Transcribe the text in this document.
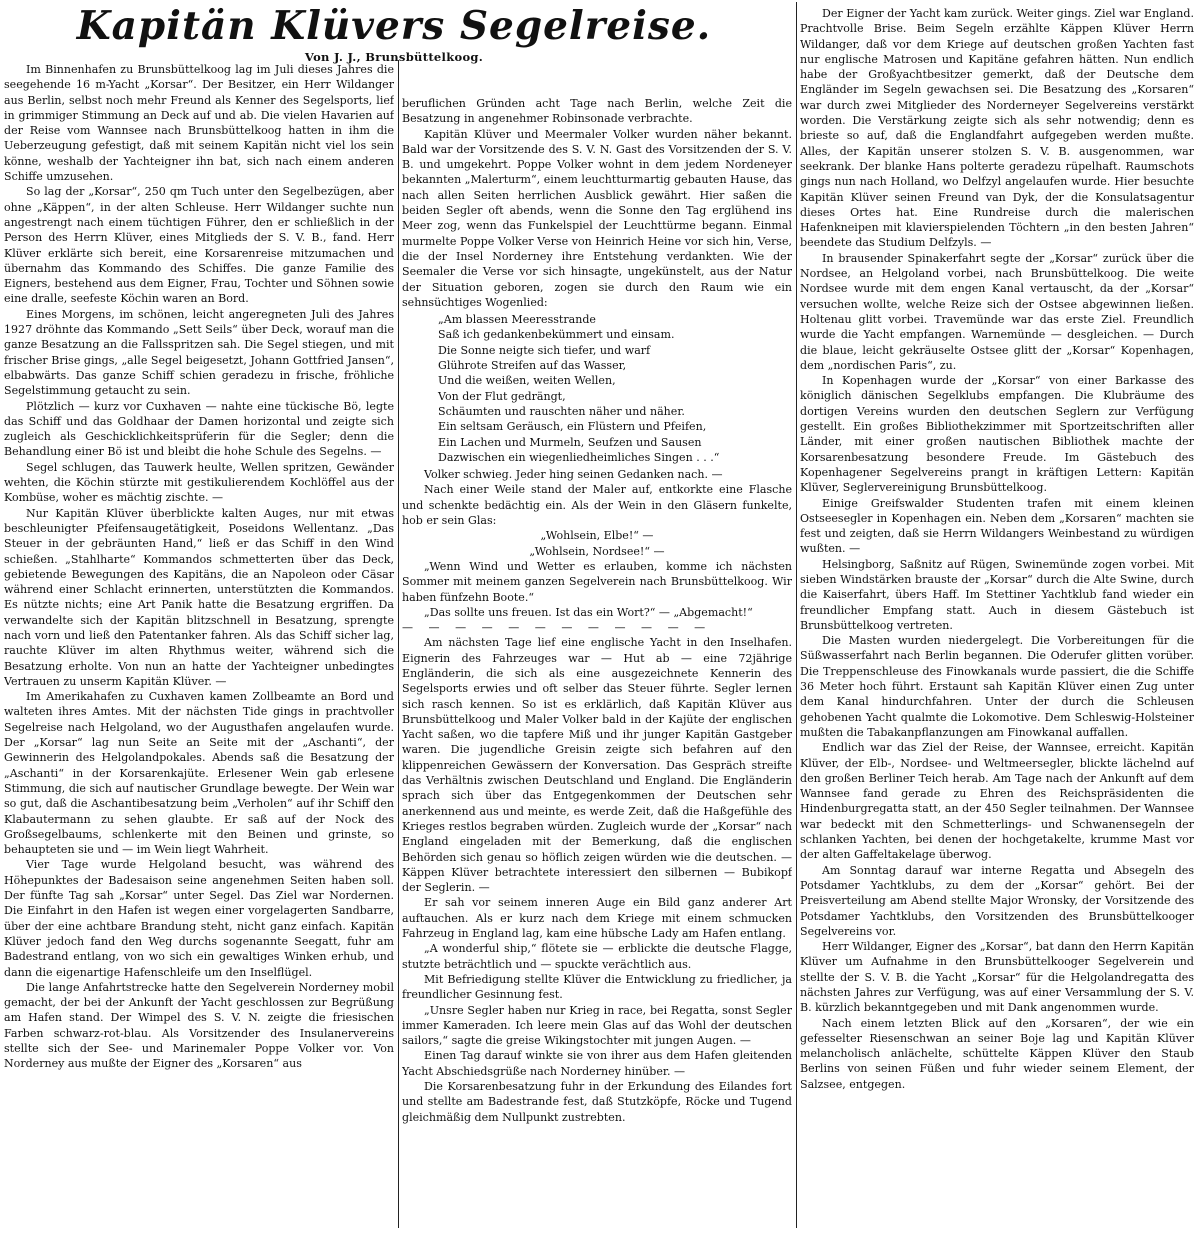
Kapitän Klüvers Segelreise.
Von J. J., Brunsbüttelkoog.

Im Binnenhafen zu Brunsbüttelkoog lag im Juli dieses Jahres die seegehende 16 m-Yacht „Korsar“. Der Besitzer, ein Herr Wildanger aus Berlin, selbst noch mehr Freund als Kenner des Segelsports, lief in grimmiger Stimmung an Deck auf und ab. Die vielen Havarien auf der Reise vom Wannsee nach Brunsbüttelkoog hatten in ihm die Ueberzeugung gefestigt, daß mit seinem Kapitän nicht viel los sein könne, weshalb der Yachteigner ihn bat, sich nach einem anderen Schiffe umzusehen.

So lag der „Korsar“, 250 qm Tuch unter den Segelbezügen, aber ohne „Käppen“, in der alten Schleuse. Herr Wildanger suchte nun angestrengt nach einem tüchtigen Führer, den er schließlich in der Person des Herrn Klüver, eines Mitglieds der S. V. B., fand. Herr Klüver erklärte sich bereit, eine Korsarenreise mitzumachen und übernahm das Kommando des Schiffes. Die ganze Familie des Eigners, bestehend aus dem Eigner, Frau, Tochter und Söhnen sowie eine dralle, seefeste Köchin waren an Bord.

Eines Morgens, im schönen, leicht angeregneten Juli des Jahres 1927 dröhnte das Kommando „Sett Seils“ über Deck, worauf man die ganze Besatzung an die Fallsspritzen sah. Die Segel stiegen, und mit frischer Brise gings, „alle Segel beigesetzt, Johann Gottfried Jansen“, elbabwärts. Das ganze Schiff schien geradezu in frische, fröhliche Segelstimmung getaucht zu sein.

Plötzlich — kurz vor Cuxhaven — nahte eine tückische Bö, legte das Schiff und das Goldhaar der Damen horizontal und zeigte sich zugleich als Geschicklichkeitsprüferin für die Segler; denn die Behandlung einer Bö ist und bleibt die hohe Schule des Segelns. —

Segel schlugen, das Tauwerk heulte, Wellen spritzen, Gewänder wehten, die Köchin stürzte mit gestikulierendem Kochlöffel aus der Kombüse, woher es mächtig zischte. —

Nur Kapitän Klüver überblickte kalten Auges, nur mit etwas beschleunigter Pfeifensaugetätigkeit, Poseidons Wellentanz. „Das Steuer in der gebräunten Hand,“ ließ er das Schiff in den Wind schießen. „Stahlharte“ Kommandos schmetterten über das Deck, gebietende Bewegungen des Kapitäns, die an Napoleon oder Cäsar während einer Schlacht erinnerten, unterstützten die Kommandos. Es nützte nichts; eine Art Panik hatte die Besatzung ergriffen. Da verwandelte sich der Kapitän blitzschnell in Besatzung, sprengte nach vorn und ließ den Patentanker fahren. Als das Schiff sicher lag, rauchte Klüver im alten Rhythmus weiter, während sich die Besatzung erholte. Von nun an hatte der Yachteigner unbedingtes Vertrauen zu unserm Kapitän Klüver. —

Im Amerikahafen zu Cuxhaven kamen Zollbeamte an Bord und walteten ihres Amtes. Mit der nächsten Tide gings in prachtvoller Segelreise nach Helgoland, wo der Augusthafen angelaufen wurde. Der „Korsar“ lag nun Seite an Seite mit der „Aschanti“, der Gewinnerin des Helgolandpokales. Abends saß die Besatzung der „Aschanti“ in der Korsarenkajüte. Erlesener Wein gab erlesene Stimmung, die sich auf nautischer Grundlage bewegte. Der Wein war so gut, daß die Aschantibesatzung beim „Verholen“ auf ihr Schiff den Klabautermann zu sehen glaubte. Er saß auf der Nock des Großsegelbaums, schlenkerte mit den Beinen und grinste, so behaupteten sie und — im Wein liegt Wahrheit.

Vier Tage wurde Helgoland besucht, was während des Höhepunktes der Badesaison seine angenehmen Seiten haben soll. Der fünfte Tag sah „Korsar“ unter Segel. Das Ziel war Nordernen. Die Einfahrt in den Hafen ist wegen einer vorgelagerten Sandbarre, über der eine achtbare Brandung steht, nicht ganz einfach. Kapitän Klüver jedoch fand den Weg durchs sogenannte Seegatt, fuhr am Badestrand entlang, von wo sich ein gewaltiges Winken erhub, und dann die eigenartige Hafenschleife um den Inselflügel.

Die lange Anfahrtstrecke hatte den Segelverein Norderney mobil gemacht, der bei der Ankunft der Yacht geschlossen zur Begrüßung am Hafen stand. Der Wimpel des S. V. N. zeigte die friesischen Farben schwarz-rot-blau. Als Vorsitzender des Insulanervereins stellte sich der See- und Marinemaler Poppe Volker vor. Von Norderney aus mußte der Eigner des „Korsaren“ aus

beruflichen Gründen acht Tage nach Berlin, welche Zeit die Besatzung in angenehmer Robinsonade verbrachte.

Kapitän Klüver und Meermaler Volker wurden näher bekannt. Bald war der Vorsitzende des S. V. N. Gast des Vorsitzenden der S. V. B. und umgekehrt. Poppe Volker wohnt in dem jedem Nordeneyer bekannten „Malerturm“, einem leuchtturmartig gebauten Hause, das nach allen Seiten herrlichen Ausblick gewährt. Hier saßen die beiden Segler oft abends, wenn die Sonne den Tag erglühend ins Meer zog, wenn das Funkelspiel der Leuchttürme begann. Einmal murmelte Poppe Volker Verse von Heinrich Heine vor sich hin, Verse, die der Insel Norderney ihre Entstehung verdankten. Wie der Seemaler die Verse vor sich hinsagte, ungekünstelt, aus der Natur der Situation geboren, zogen sie durch den Raum wie ein sehnsüchtiges Wogenlied:

„Am blassen Meeresstrande
Saß ich gedankenbekümmert und einsam.
Die Sonne neigte sich tiefer, und warf
Glührote Streifen auf das Wasser,
Und die weißen, weiten Wellen,
Von der Flut gedrängt,
Schäumten und rauschten näher und näher.
Ein seltsam Geräusch, ein Flüstern und Pfeifen,
Ein Lachen und Murmeln, Seufzen und Sausen
Dazwischen ein wiegenliedheimliches Singen . . .“

Volker schwieg. Jeder hing seinen Gedanken nach. —

Nach einer Weile stand der Maler auf, entkorkte eine Flasche und schenkte bedächtig ein. Als der Wein in den Gläsern funkelte, hob er sein Glas:

„Wohlsein, Elbe!“ —

„Wohlsein, Nordsee!“ —

„Wenn Wind und Wetter es erlauben, komme ich nächsten Sommer mit meinem ganzen Segelverein nach Brunsbüttelkoog. Wir haben fünfzehn Boote.“

„Das sollte uns freuen. Ist das ein Wort?“ — „Abgemacht!“

— — — — — — — — — — — —

Am nächsten Tage lief eine englische Yacht in den Inselhafen. Eignerin des Fahrzeuges war — Hut ab — eine 72jährige Engländerin, die sich als eine ausgezeichnete Kennerin des Segelsports erwies und oft selber das Steuer führte. Segler lernen sich rasch kennen. So ist es erklärlich, daß Kapitän Klüver aus Brunsbüttelkoog und Maler Volker bald in der Kajüte der englischen Yacht saßen, wo die tapfere Miß und ihr junger Kapitän Gastgeber waren. Die jugendliche Greisin zeigte sich befahren auf den klippenreichen Gewässern der Konversation. Das Gespräch streifte das Verhältnis zwischen Deutschland und England. Die Engländerin sprach sich über das Entgegenkommen der Deutschen sehr anerkennend aus und meinte, es werde Zeit, daß die Haßgefühle des Krieges restlos begraben würden. Zugleich wurde der „Korsar“ nach England eingeladen mit der Bemerkung, daß die englischen Behörden sich genau so höflich zeigen würden wie die deutschen. — Käppen Klüver betrachtete interessiert den silbernen — Bubikopf der Seglerin. —

Er sah vor seinem inneren Auge ein Bild ganz anderer Art auftauchen. Als er kurz nach dem Kriege mit einem schmucken Fahrzeug in England lag, kam eine hübsche Lady am Hafen entlang.

„A wonderful ship,“ flötete sie — erblickte die deutsche Flagge, stutzte beträchtlich und — spuckte verächtlich aus.

Mit Befriedigung stellte Klüver die Entwicklung zu friedlicher, ja freundlicher Gesinnung fest.

„Unsre Segler haben nur Krieg in race, bei Regatta, sonst Segler immer Kameraden. Ich leere mein Glas auf das Wohl der deutschen sailors,“ sagte die greise Wikingstochter mit jungen Augen. —

Einen Tag darauf winkte sie von ihrer aus dem Hafen gleitenden Yacht Abschiedsgrüße nach Norderney hinüber. —

Die Korsarenbesatzung fuhr in der Erkundung des Eilandes fort und stellte am Badestrande fest, daß Stutzköpfe, Röcke und Tugend gleichmäßig dem Nullpunkt zustrebten.

Der Eigner der Yacht kam zurück. Weiter gings. Ziel war England. Prachtvolle Brise. Beim Segeln erzählte Käppen Klüver Herrn Wildanger, daß vor dem Kriege auf deutschen großen Yachten fast nur englische Matrosen und Kapitäne gefahren hätten. Nun endlich habe der Großyachtbesitzer gemerkt, daß der Deutsche dem Engländer im Segeln gewachsen sei. Die Besatzung des „Korsaren“ war durch zwei Mitglieder des Norderneyer Segelvereins verstärkt worden. Die Verstärkung zeigte sich als sehr notwendig; denn es brieste so auf, daß die Englandfahrt aufgegeben werden mußte. Alles, der Kapitän unserer stolzen S. V. B. ausgenommen, war seekrank. Der blanke Hans polterte geradezu rüpelhaft. Raumschots gings nun nach Holland, wo Delfzyl angelaufen wurde. Hier besuchte Kapitän Klüver seinen Freund van Dyk, der die Konsulatsagentur dieses Ortes hat. Eine Rundreise durch die malerischen Hafenkneipen mit klavierspielenden Töchtern „in den besten Jahren“ beendete das Studium Delfzyls. —

In brausender Spinakerfahrt segte der „Korsar“ zurück über die Nordsee, an Helgoland vorbei, nach Brunsbüttelkoog. Die weite Nordsee wurde mit dem engen Kanal vertauscht, da der „Korsar“ versuchen wollte, welche Reize sich der Ostsee abgewinnen ließen. Holtenau glitt vorbei. Travemünde war das erste Ziel. Freundlich wurde die Yacht empfangen. Warnemünde — desgleichen. — Durch die blaue, leicht gekräuselte Ostsee glitt der „Korsar“ Kopenhagen, dem „nordischen Paris“, zu.

In Kopenhagen wurde der „Korsar“ von einer Barkasse des königlich dänischen Segelklubs empfangen. Die Klubräume des dortigen Vereins wurden den deutschen Seglern zur Verfügung gestellt. Ein großes Bibliothekzimmer mit Sportzeitschriften aller Länder, mit einer großen nautischen Bibliothek machte der Korsarenbesatzung besondere Freude. Im Gästebuch des Kopenhagener Segelvereins prangt in kräftigen Lettern: Kapitän Klüver, Seglervereinigung Brunsbüttelkoog.

Einige Greifswalder Studenten trafen mit einem kleinen Ostseesegler in Kopenhagen ein. Neben dem „Korsaren“ machten sie fest und zeigten, daß sie Herrn Wildangers Weinbestand zu würdigen wußten. —

Helsingborg, Saßnitz auf Rügen, Swinemünde zogen vorbei. Mit sieben Windstärken brauste der „Korsar“ durch die Alte Swine, durch die Kaiserfahrt, übers Haff. Im Stettiner Yachtklub fand wieder ein freundlicher Empfang statt. Auch in diesem Gästebuch ist Brunsbüttelkoog vertreten.

Die Masten wurden niedergelegt. Die Vorbereitungen für die Süßwasserfahrt nach Berlin begannen. Die Oderufer glitten vorüber. Die Treppenschleuse des Finowkanals wurde passiert, die die Schiffe 36 Meter hoch führt. Erstaunt sah Kapitän Klüver einen Zug unter dem Kanal hindurchfahren. Unter der durch die Schleusen gehobenen Yacht qualmte die Lokomotive. Dem Schleswig-Holsteiner mußten die Tabakanpflanzungen am Finowkanal auffallen.

Endlich war das Ziel der Reise, der Wannsee, erreicht. Kapitän Klüver, der Elb-, Nordsee- und Weltmeersegler, blickte lächelnd auf den großen Berliner Teich herab. Am Tage nach der Ankunft auf dem Wannsee fand gerade zu Ehren des Reichspräsidenten die Hindenburgregatta statt, an der 450 Segler teilnahmen. Der Wannsee war bedeckt mit den Schmetterlings- und Schwanensegeln der schlanken Yachten, bei denen der hochgetakelte, krumme Mast vor der alten Gaffeltakelage überwog.

Am Sonntag darauf war interne Regatta und Absegeln des Potsdamer Yachtklubs, zu dem der „Korsar“ gehört. Bei der Preisverteilung am Abend stellte Major Wronsky, der Vorsitzende des Potsdamer Yachtklubs, den Vorsitzenden des Brunsbüttelkooger Segelvereins vor.

Herr Wildanger, Eigner des „Korsar“, bat dann den Herrn Kapitän Klüver um Aufnahme in den Brunsbüttelkooger Segelverein und stellte der S. V. B. die Yacht „Korsar“ für die Helgolandregatta des nächsten Jahres zur Verfügung, was auf einer Versammlung der S. V. B. kürzlich bekanntgegeben und mit Dank angenommen wurde.

Nach einem letzten Blick auf den „Korsaren“, der wie ein gefesselter Riesenschwan an seiner Boje lag und Kapitän Klüver melancholisch anlächelte, schüttelte Käppen Klüver den Staub Berlins von seinen Füßen und fuhr wieder seinem Element, der Salzsee, entgegen.
